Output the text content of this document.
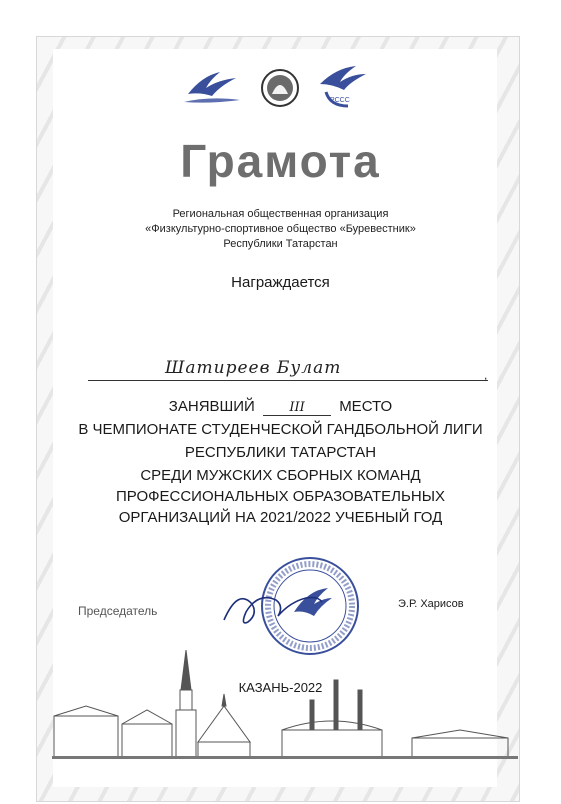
РССС
Грамота
Региональная общественная организация
«Физкультурно-спортивное общество «Буревестник»
Республики Татарстан
Награждается
Шатиреев Булат	,
ЗАНЯВШИЙ	III МЕСТО
В ЧЕМПИОНАТЕ СТУДЕНЧЕСКОЙ ГАНДБОЛЬНОЙ ЛИГИ
РЕСПУБЛИКИ ТАТАРСТАН
СРЕДИ МУЖСКИХ СБОРНЫХ КОМАНД
ПРОФЕССИОНАЛЬНЫХ ОБРАЗОВАТЕЛЬНЫХ
ОРГАНИЗАЦИЙ НА 2021/2022 УЧЕБНЫЙ ГОД
Председатель	Э.Р. Харисов
КАЗАНЬ-2022
